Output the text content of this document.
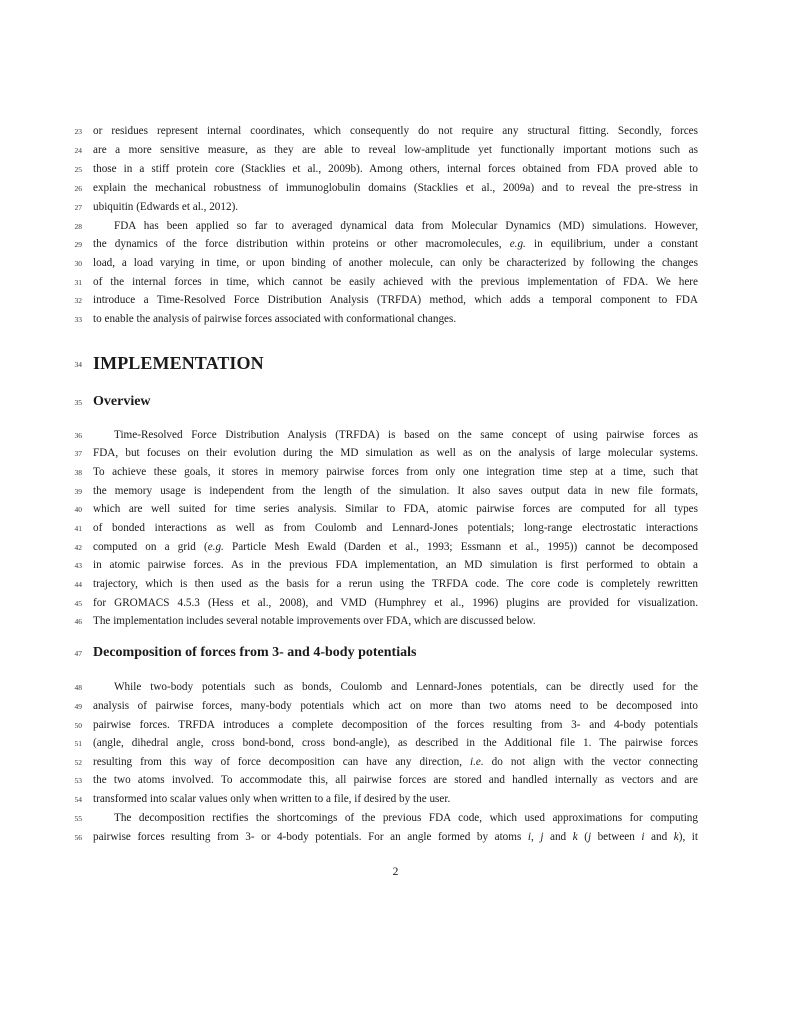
23 or residues represent internal coordinates, which consequently do not require any structural fitting. Secondly, forces
24 are a more sensitive measure, as they are able to reveal low-amplitude yet functionally important motions such as
25 those in a stiff protein core (Stacklies et al., 2009b). Among others, internal forces obtained from FDA proved able to
26 explain the mechanical robustness of immunoglobulin domains (Stacklies et al., 2009a) and to reveal the pre-stress in
27 ubiquitin (Edwards et al., 2012).
28	FDA has been applied so far to averaged dynamical data from Molecular Dynamics (MD) simulations. However,
29 the dynamics of the force distribution within proteins or other macromolecules, e.g. in equilibrium, under a constant
30 load, a load varying in time, or upon binding of another molecule, can only be characterized by following the changes
31 of the internal forces in time, which cannot be easily achieved with the previous implementation of FDA. We here
32 introduce a Time-Resolved Force Distribution Analysis (TRFDA) method, which adds a temporal component to FDA
33 to enable the analysis of pairwise forces associated with conformational changes.
36	Time-Resolved Force Distribution Analysis (TRFDA) is based on the same concept of using pairwise forces as
37 FDA, but focuses on their evolution during the MD simulation as well as on the analysis of large molecular systems.
38 To achieve these goals, it stores in memory pairwise forces from only one integration time step at a time, such that
39 the memory usage is independent from the length of the simulation. It also saves output data in new file formats,
40 which are well suited for time series analysis. Similar to FDA, atomic pairwise forces are computed for all types
41 of bonded interactions as well as from Coulomb and Lennard-Jones potentials; long-range electrostatic interactions
42 computed on a grid (e.g. Particle Mesh Ewald (Darden et al., 1993; Essmann et al., 1995)) cannot be decomposed
43 in atomic pairwise forces. As in the previous FDA implementation, an MD simulation is first performed to obtain a
44 trajectory, which is then used as the basis for a rerun using the TRFDA code. The core code is completely rewritten
45 for GROMACS 4.5.3 (Hess et al., 2008), and VMD (Humphrey et al., 1996) plugins are provided for visualization.
46 The implementation includes several notable improvements over FDA, which are discussed below.
48	While two-body potentials such as bonds, Coulomb and Lennard-Jones potentials, can be directly used for the
49 analysis of pairwise forces, many-body potentials which act on more than two atoms need to be decomposed into
50 pairwise forces. TRFDA introduces a complete decomposition of the forces resulting from 3- and 4-body potentials
51 (angle, dihedral angle, cross bond-bond, cross bond-angle), as described in the Additional file 1. The pairwise forces
52 resulting from this way of force decomposition can have any direction, i.e. do not align with the vector connecting
53 the two atoms involved. To accommodate this, all pairwise forces are stored and handled internally as vectors and are
54 transformed into scalar values only when written to a file, if desired by the user.
55	The decomposition rectifies the shortcomings of the previous FDA code, which used approximations for computing
56 pairwise forces resulting from 3- or 4-body potentials. For an angle formed by atoms i, j and k (j between i and k), it
IMPLEMENTATION
34
Overview
35
Decomposition of forces from 3- and 4-body potentials
47
2
